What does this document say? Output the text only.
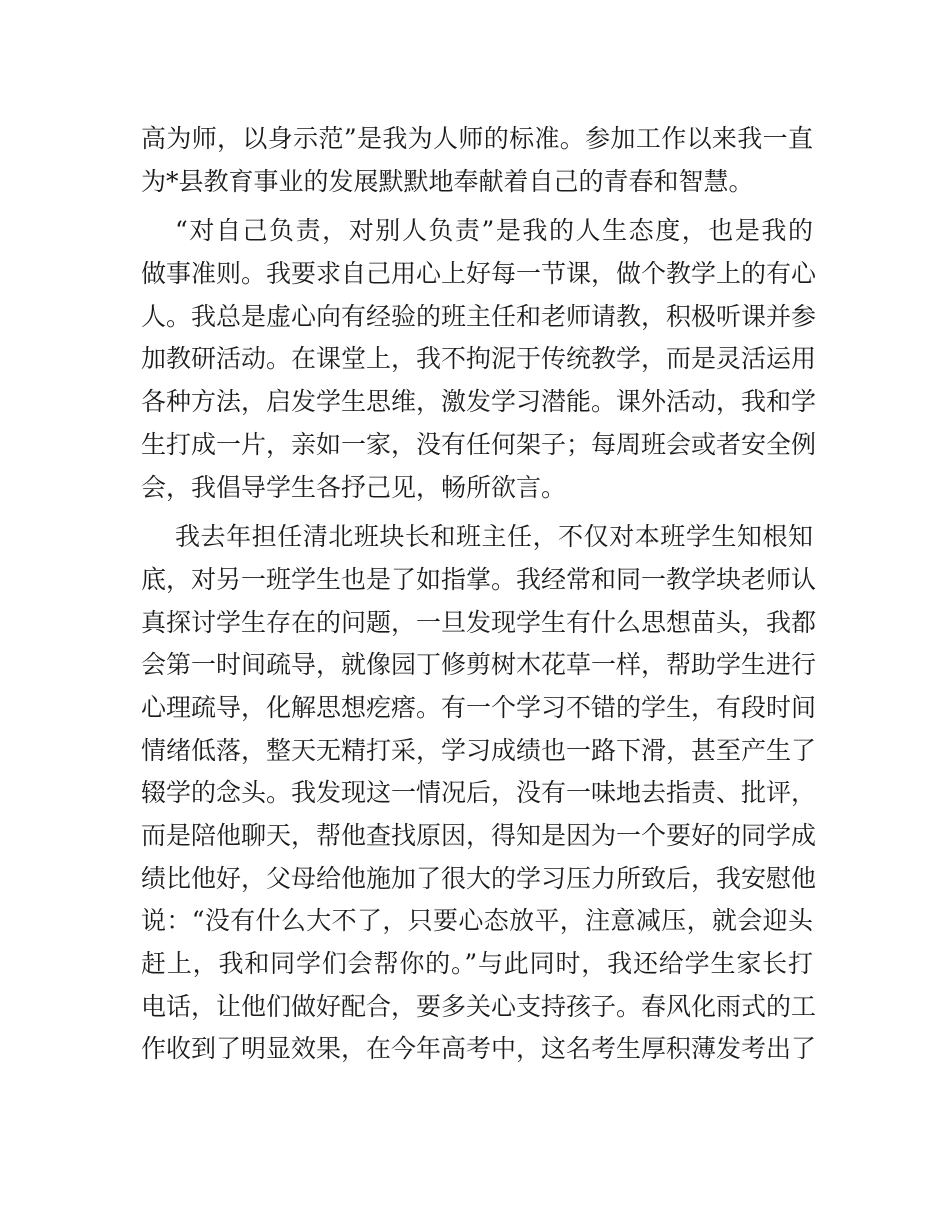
高为师，以身示范”是我为人师的标准。参加工作以来我一直
为*县教育事业的发展默默地奉献着自己的青春和智慧。
“对自己负责，对别人负责”是我的人生态度，也是我的
做事准则。我要求自己用心上好每一节课，做个教学上的有心
人。我总是虚心向有经验的班主任和老师请教，积极听课并参
加教研活动。在课堂上，我不拘泥于传统教学，而是灵活运用
各种方法，启发学生思维，激发学习潜能。课外活动，我和学
生打成一片，亲如一家，没有任何架子；每周班会或者安全例
会，我倡导学生各抒己见，畅所欲言。
我去年担任清北班块长和班主任，不仅对本班学生知根知
底，对另一班学生也是了如指掌。我经常和同一教学块老师认
真探讨学生存在的问题，一旦发现学生有什么思想苗头，我都
会第一时间疏导，就像园丁修剪树木花草一样，帮助学生进行
心理疏导，化解思想疙瘩。有一个学习不错的学生，有段时间
情绪低落，整天无精打采，学习成绩也一路下滑，甚至产生了
辍学的念头。我发现这一情况后，没有一味地去指责、批评，
而是陪他聊天，帮他查找原因，得知是因为一个要好的同学成
绩比他好，父母给他施加了很大的学习压力所致后，我安慰他
说：“没有什么大不了，只要心态放平，注意减压，就会迎头
赶上，我和同学们会帮你的。”与此同时，我还给学生家长打
电话，让他们做好配合，要多关心支持孩子。春风化雨式的工
作收到了明显效果，在今年高考中，这名考生厚积薄发考出了
